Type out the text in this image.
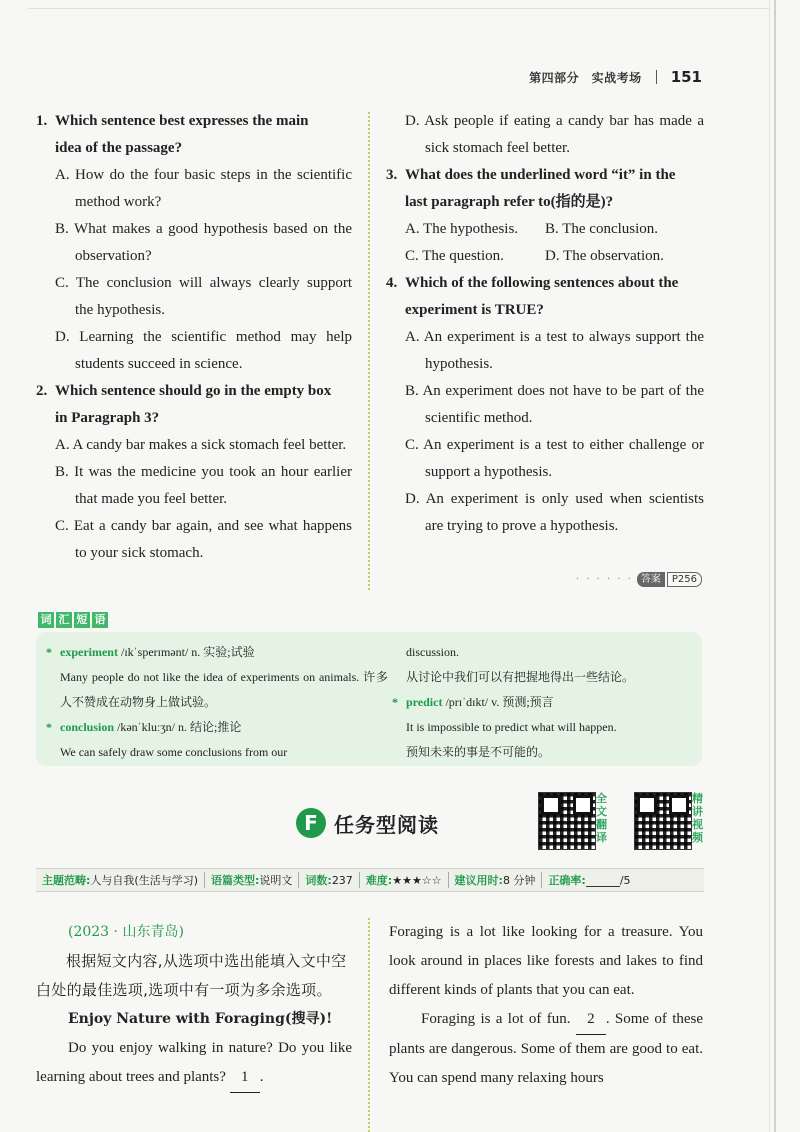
第四部分　实战考场 151
1. Which sentence best expresses the main
idea of the passage?
A. How do the four basic steps in the scientific method work?
B. What makes a good hypothesis based on the observation?
C. The conclusion will always clearly support the hypothesis.
D. Learning the scientific method may help students succeed in science.
2. Which sentence should go in the empty box
in Paragraph 3?
A. A candy bar makes a sick stomach feel better.
B. It was the medicine you took an hour earlier that made you feel better.
C. Eat a candy bar again, and see what happens to your sick stomach.
D. Ask people if eating a candy bar has made a sick stomach feel better.
3. What does the underlined word “it” in the
last paragraph refer to(指的是)?
A. The hypothesis.	B. The conclusion.
C. The question.	D. The observation.
4. Which of the following sentences about the
experiment is TRUE?
A. An experiment is a test to always support the hypothesis.
B. An experiment does not have to be part of the scientific method.
C. An experiment is a test to either challenge or support a hypothesis.
D. An experiment is only used when scientists are trying to prove a hypothesis.
· · · · · · 答案	P256
词 汇 短 语
* experiment /ɪkˈsperɪmənt/ n. 实验;试验
Many people do not like the idea of experiments on animals. 许多人不赞成在动物身上做试验。
* conclusion /kənˈkluːʒn/ n. 结论;推论
We can safely draw some conclusions from our
discussion.
从讨论中我们可以有把握地得出一些结论。
* predict /prɪˈdɪkt/ v. 预测;预言
It is impossible to predict what will happen.
预知未来的事是不可能的。
F 任务型阅读
全
文
翻
译
精
讲
视
频
主题范畴:人与自我(生活与学习)	语篇类型:说明文	词数:237	难度:★★★☆☆	建议用时:8 分钟	正确率:	/5
(2023 · 山东青岛)
根据短文内容,从选项中选出能填入文中空白处的最佳选项,选项中有一项为多余选项。
Enjoy Nature with Foraging(搜寻)!
Do you enjoy walking in nature? Do you like learning about trees and plants? 1 .
Foraging is a lot like looking for a treasure. You look around in places like forests and lakes to find different kinds of plants that you can eat.
Foraging is a lot of fun. 2 . Some of these plants are dangerous. Some of them are good to eat. You can spend many relaxing hours
